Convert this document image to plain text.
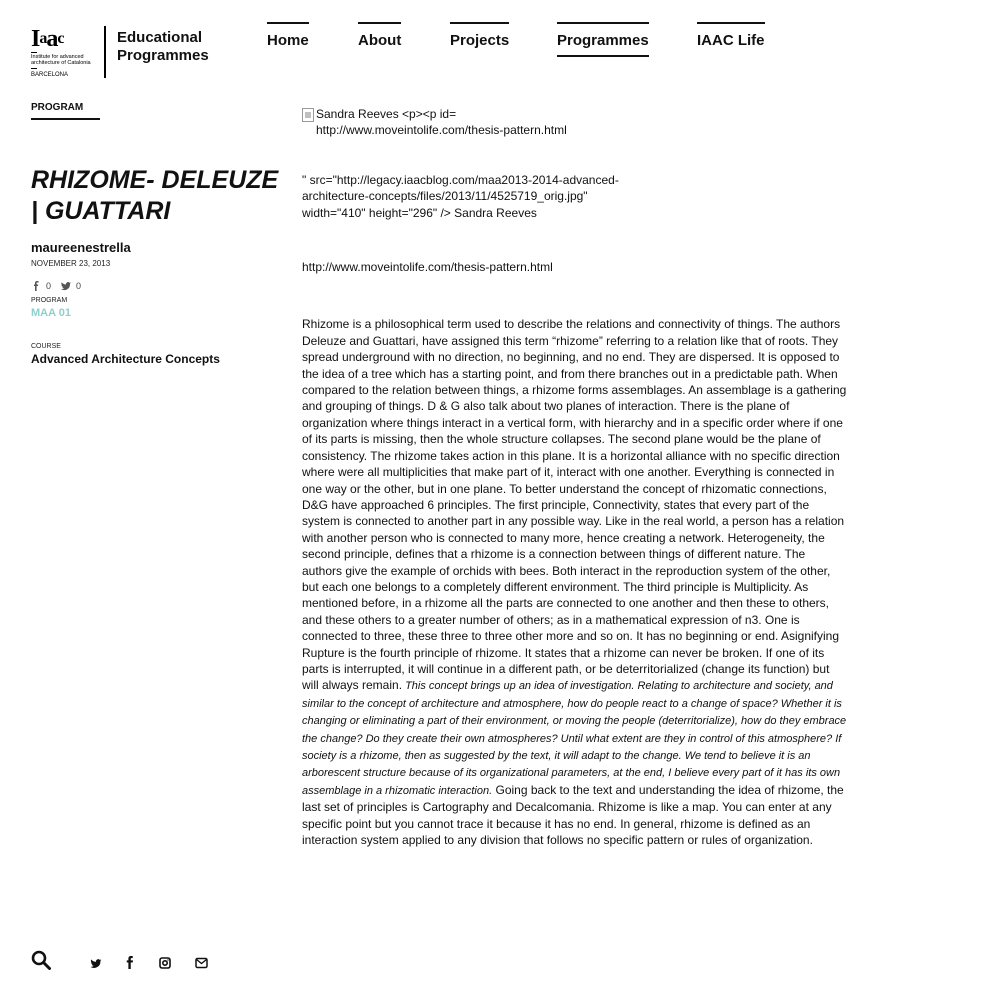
$I^aa^c$
Institute for advanced architecture of Catalonia
BARCELONA
Educational
Programmes
Home	About	Projects	Programmes	IAAC Life
PROGRAM
RHIZOME- DELEUZE | GUATTARI
maureenestrella
NOVEMBER 23, 2013
0	0
PROGRAM
MAA 01
COURSE
Advanced Architecture Concepts
Sandra Reeves <p><p id=
http://www.moveintolife.com/thesis-pattern.html
" src="http://legacy.iaacblog.com/maa2013-2014-advanced-architecture-concepts/files/2013/11/4525719_orig.jpg" width="410" height="296" /> Sandra Reeves
http://www.moveintolife.com/thesis-pattern.html

Rhizome is a philosophical term used to describe the relations and connectivity of things. The authors Deleuze and Guattari, have assigned this term “rhizome” referring to a relation like that of roots. They spread underground with no direction, no beginning, and no end. They are dispersed. It is opposed to the idea of a tree which has a starting point, and from there branches out in a predictable path. When compared to the relation between things, a rhizome forms assemblages. An assemblage is a gathering and grouping of things. D & G also talk about two planes of interaction. There is the plane of organization where things interact in a vertical form, with hierarchy and in a specific order where if one of its parts is missing, then the whole structure collapses. The second plane would be the plane of consistency. The rhizome takes action in this plane. It is a horizontal alliance with no specific direction where were all multiplicities that make part of it, interact with one another. Everything is connected in one way or the other, but in one plane. To better understand the concept of rhizomatic connections, D&G have approached 6 principles. The first principle, Connectivity, states that every part of the system is connected to another part in any possible way. Like in the real world, a person has a relation with another person who is connected to many more, hence creating a network. Heterogeneity, the second principle, defines that a rhizome is a connection between things of different nature. The authors give the example of orchids with bees. Both interact in the reproduction system of the other, but each one belongs to a completely different environment. The third principle is Multiplicity. As mentioned before, in a rhizome all the parts are connected to one another and then these to others, and these others to a greater number of others; as in a mathematical expression of n3. One is connected to three, these three to three other more and so on. It has no beginning or end. Asignifying Rupture is the fourth principle of rhizome. It states that a rhizome can never be broken. If one of its parts is interrupted, it will continue in a different path, or be deterritorialized (change its function) but will always remain. This concept brings up an idea of investigation. Relating to architecture and society, and similar to the concept of architecture and atmosphere, how do people react to a change of space? Whether it is changing or eliminating a part of their environment, or moving the people (deterritorialize), how do they embrace the change? Do they create their own atmospheres? Until what extent are they in control of this atmosphere? If society is a rhizome, then as suggested by the text, it will adapt to the change. We tend to believe it is an arborescent structure because of its organizational parameters, at the end, I believe every part of it has its own assemblage in a rhizomatic interaction. Going back to the text and understanding the idea of rhizome, the last set of principles is Cartography and Decalcomania. Rhizome is like a map. You can enter at any specific point but you cannot trace it because it has no end. In general, rhizome is defined as an interaction system applied to any division that follows no specific pattern or rules of organization.
